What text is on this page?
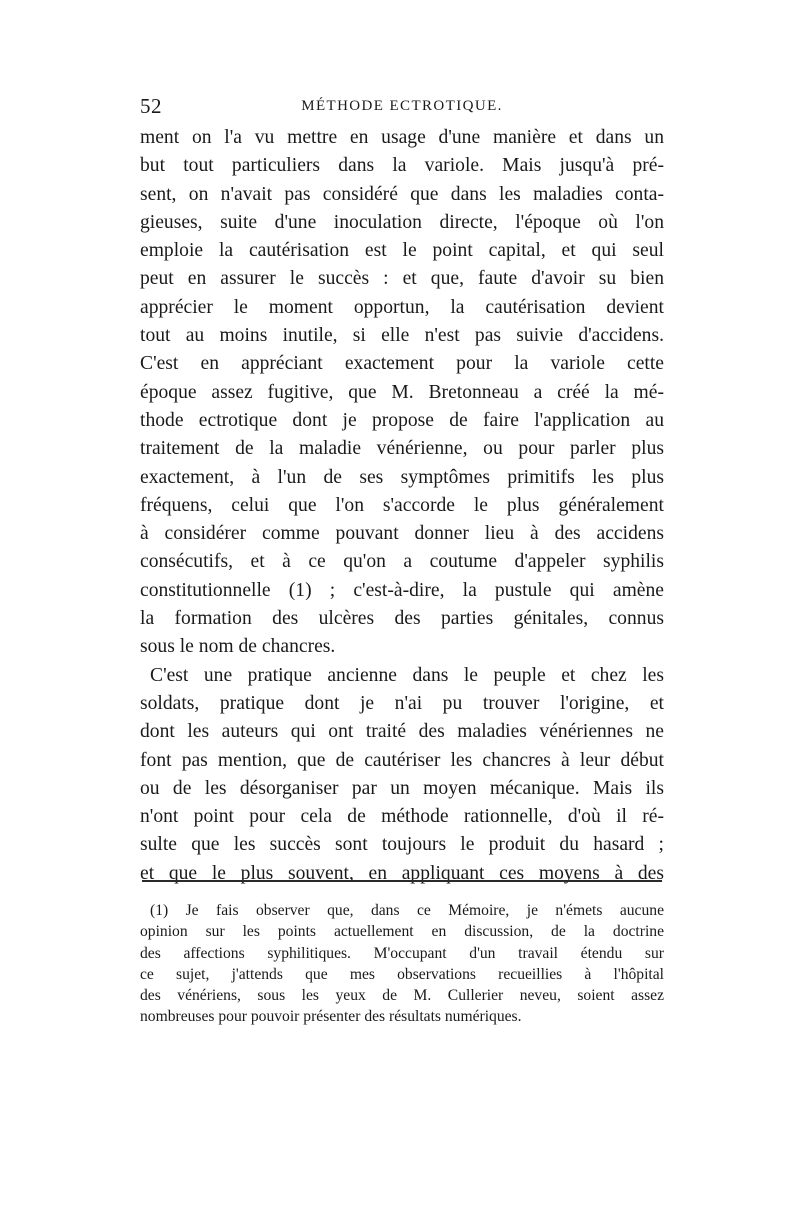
52	MÉTHODE ECTROTIQUE.
ment on l'a vu mettre en usage d'une manière et dans un
but tout particuliers dans la variole. Mais jusqu'à pré-
sent, on n'avait pas considéré que dans les maladies conta-
gieuses, suite d'une inoculation directe, l'époque où l'on
emploie la cautérisation est le point capital, et qui seul
peut en assurer le succès : et que, faute d'avoir su bien
apprécier le moment opportun, la cautérisation devient
tout au moins inutile, si elle n'est pas suivie d'accidens.
C'est en appréciant exactement pour la variole cette
époque assez fugitive, que M. Bretonneau a créé la mé-
thode ectrotique dont je propose de faire l'application au
traitement de la maladie vénérienne, ou pour parler plus
exactement, à l'un de ses symptômes primitifs les plus
fréquens, celui que l'on s'accorde le plus généralement
à considérer comme pouvant donner lieu à des accidens
consécutifs, et à ce qu'on a coutume d'appeler syphilis
constitutionnelle (1) ; c'est-à-dire, la pustule qui amène
la formation des ulcères des parties génitales, connus
sous le nom de chancres.
C'est une pratique ancienne dans le peuple et chez les
soldats, pratique dont je n'ai pu trouver l'origine, et
dont les auteurs qui ont traité des maladies vénériennes ne
font pas mention, que de cautériser les chancres à leur début
ou de les désorganiser par un moyen mécanique. Mais ils
n'ont point pour cela de méthode rationnelle, d'où il ré-
sulte que les succès sont toujours le produit du hasard ;
et que le plus souvent, en appliquant ces moyens à des
(1) Je fais observer que, dans ce Mémoire, je n'émets aucune
opinion sur les points actuellement en discussion, de la doctrine
des affections syphilitiques. M'occupant d'un travail étendu sur
ce sujet, j'attends que mes observations recueillies à l'hôpital
des vénériens, sous les yeux de M. Cullerier neveu, soient assez
nombreuses pour pouvoir présenter des résultats numériques.
